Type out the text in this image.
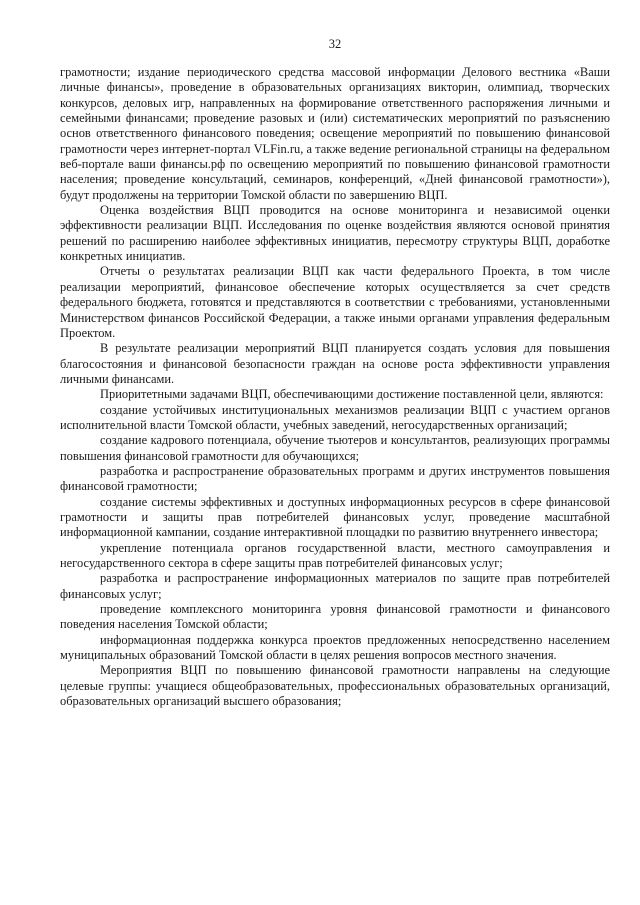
32

грамотности; издание периодического средства массовой информации Делового вестника «Ваши личные финансы», проведение в образовательных организациях викторин, олимпиад, творческих конкурсов, деловых игр, направленных на формирование ответственного распоряжения личными и семейными финансами; проведение разовых и (или) систематических мероприятий по разъяснению основ ответственного финансового поведения; освещение мероприятий по повышению финансовой грамотности через интернет-портал VLFin.ru, а также ведение региональной страницы на федеральном веб-портале ваши финансы.рф по освещению мероприятий по повышению финансовой грамотности населения; проведение консультаций, семинаров, конференций, «Дней финансовой грамотности»), будут продолжены на территории Томской области по завершению ВЦП.

Оценка воздействия ВЦП проводится на основе мониторинга и независимой оценки эффективности реализации ВЦП. Исследования по оценке воздействия являются основой принятия решений по расширению наиболее эффективных инициатив, пересмотру структуры ВЦП, доработке конкретных инициатив.

Отчеты о результатах реализации ВЦП как части федерального Проекта, в том числе реализации мероприятий, финансовое обеспечение которых осуществляется за счет средств федерального бюджета, готовятся и представляются в соответствии с требованиями, установленными Министерством финансов Российской Федерации, а также иными органами управления федеральным Проектом.

В результате реализации мероприятий ВЦП планируется создать условия для повышения благосостояния и финансовой безопасности граждан на основе роста эффективности управления личными финансами.

Приоритетными задачами ВЦП, обеспечивающими достижение поставленной цели, являются:

создание устойчивых институциональных механизмов реализации ВЦП с участием органов исполнительной власти Томской области, учебных заведений, негосударственных организаций;

создание кадрового потенциала, обучение тьютеров и консультантов, реализующих программы повышения финансовой грамотности для обучающихся;

разработка и распространение образовательных программ и других инструментов повышения финансовой грамотности;

создание системы эффективных и доступных информационных ресурсов в сфере финансовой грамотности и защиты прав потребителей финансовых услуг, проведение масштабной информационной кампании, создание интерактивной площадки по развитию внутреннего инвестора;

укрепление потенциала органов государственной власти, местного самоуправления и негосударственного сектора в сфере защиты прав потребителей финансовых услуг;

разработка и распространение информационных материалов по защите прав потребителей финансовых услуг;

проведение комплексного мониторинга уровня финансовой грамотности и финансового поведения населения Томской области;

информационная поддержка конкурса проектов предложенных непосредственно населением муниципальных образований Томской области в целях решения вопросов местного значения.

Мероприятия ВЦП по повышению финансовой грамотности направлены на следующие целевые группы: учащиеся общеобразовательных, профессиональных образовательных организаций, образовательных организаций высшего образования;
